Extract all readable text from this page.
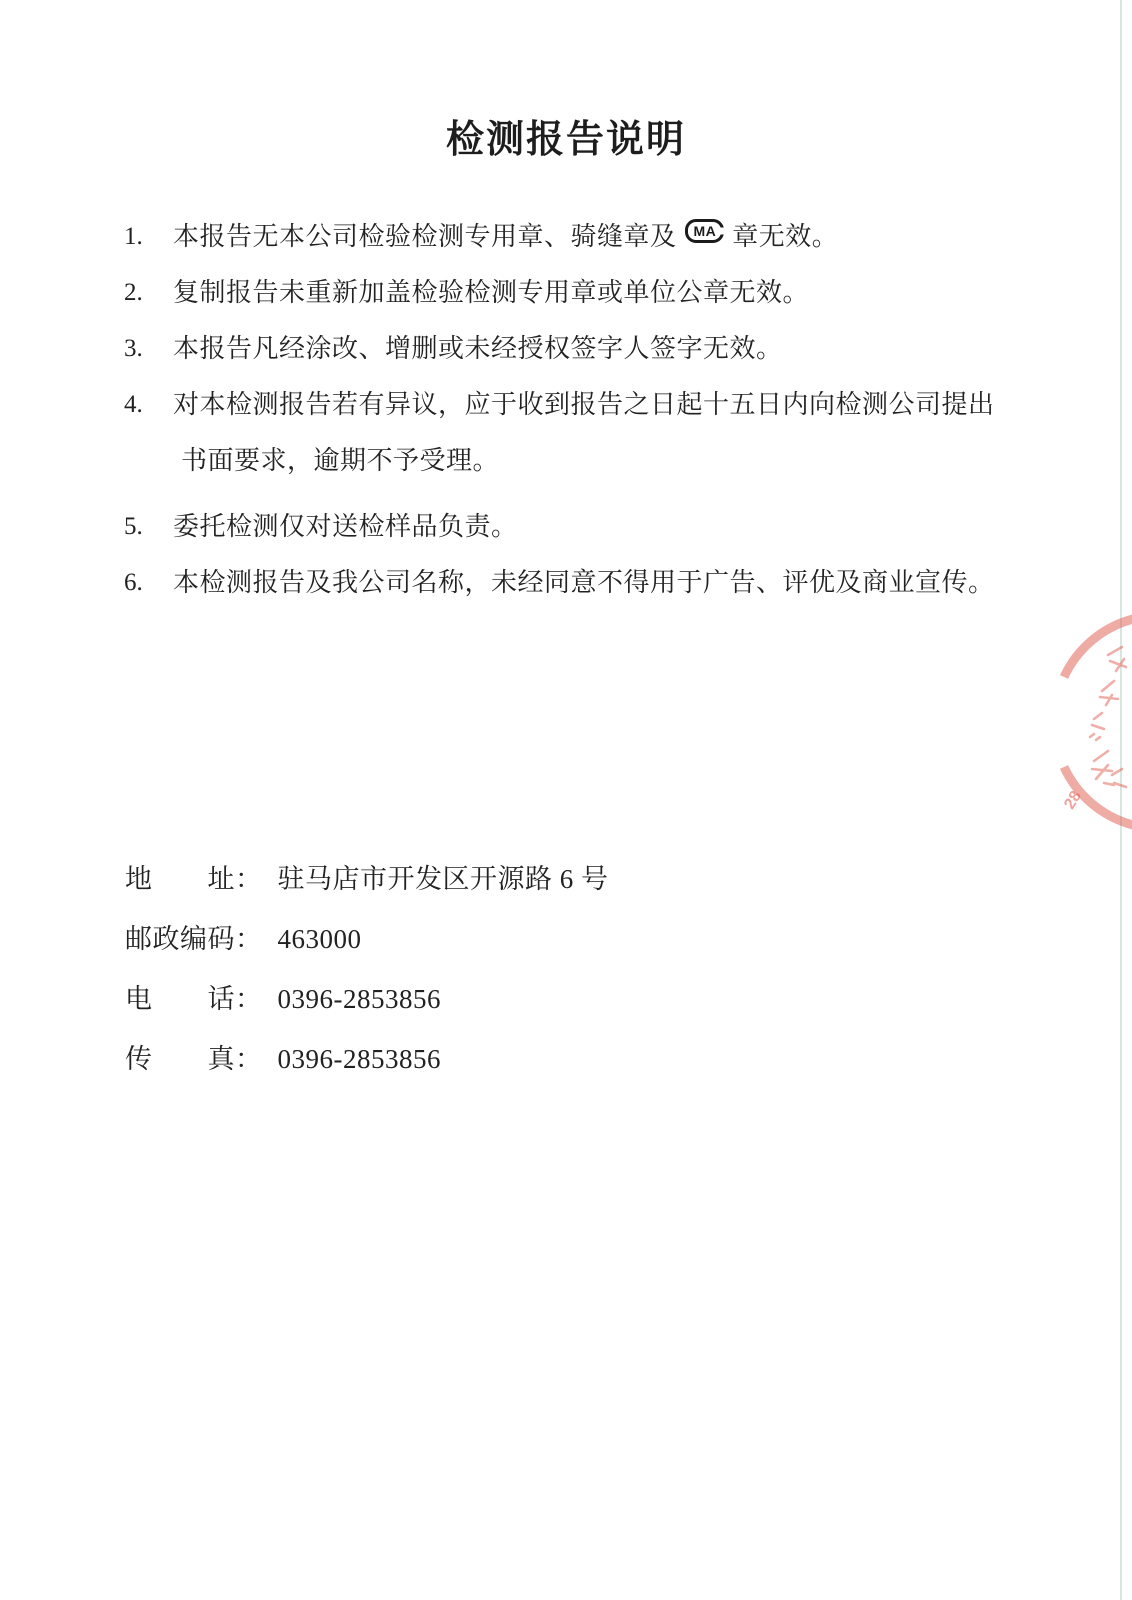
检测报告说明
1.	本报告无本公司检验检测专用章、骑缝章及 MA 章无效。
2.	复制报告未重新加盖检验检测专用章或单位公章无效。
3.	本报告凡经涂改、增删或未经授权签字人签字无效。
4.	对本检测报告若有异议，应于收到报告之日起十五日内向检测公司提出
书面要求，逾期不予受理。
5.	委托检测仅对送检样品负责。
6.	本检测报告及我公司名称，未经同意不得用于广告、评优及商业宣传。
地　　址： 驻马店市开发区开源路 6 号
邮政编码： 463000
电　　话： 0396-2853856
传　　真： 0396-2853856
28
